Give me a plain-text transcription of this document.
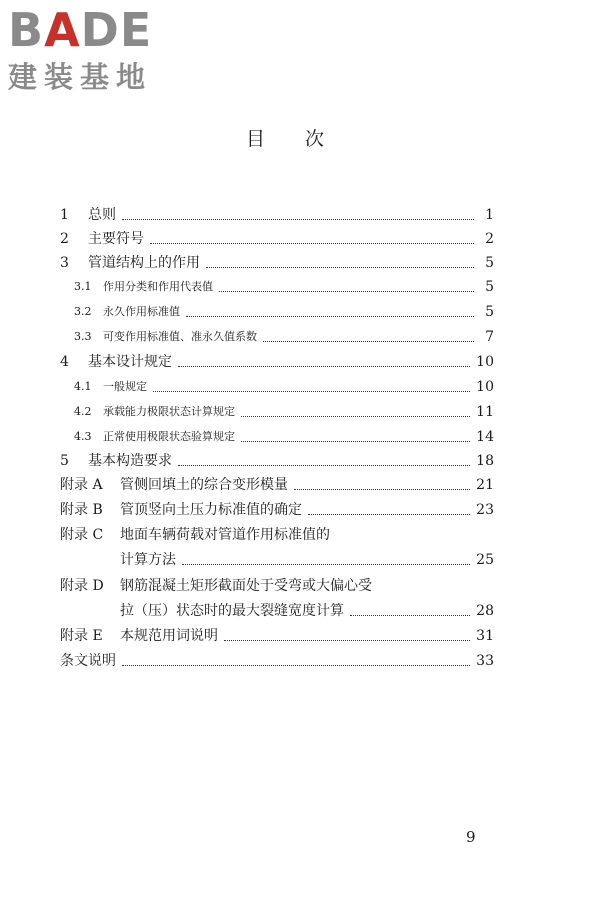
B A DE
建装基地
目次
1	总则	1
2	主要符号	2
3	管道结构上的作用	5
3.1	作用分类和作用代表值	5
3.2	永久作用标准值	5
3.3	可变作用标准值、准永久值系数	7
4	基本设计规定	10
4.1	一般规定	10
4.2	承载能力极限状态计算规定	11
4.3	正常使用极限状态验算规定	14
5	基本构造要求	18
附录 A	管侧回填土的综合变形模量	21
附录 B	管顶竖向土压力标准值的确定	23
附录 C	地面车辆荷载对管道作用标准值的
计算方法	25
附录 D	钢筋混凝土矩形截面处于受弯或大偏心受
拉（压）状态时的最大裂缝宽度计算	28
附录 E	本规范用词说明	31
条文说明	33
9
